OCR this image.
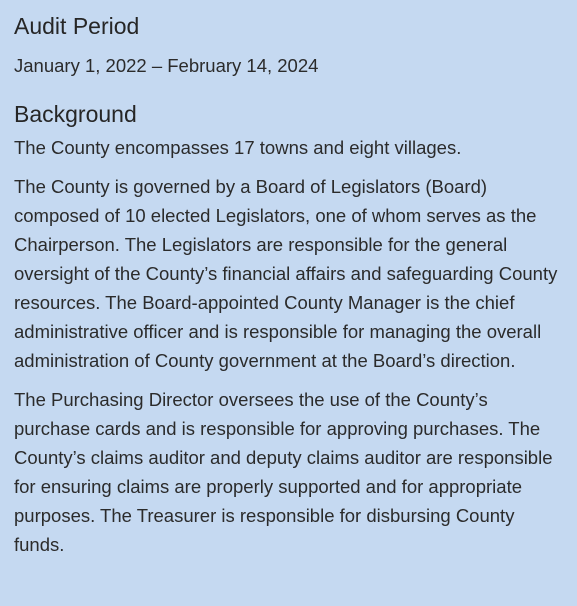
Audit Period

January 1, 2022 – February 14, 2024

Background

The County encompasses 17 towns and eight villages.

The County is governed by a Board of Legislators (Board) composed of 10 elected Legislators, one of whom serves as the Chairperson. The Legislators are responsible for the general oversight of the County’s financial affairs and safeguarding County resources. The Board-appointed County Manager is the chief administrative officer and is responsible for managing the overall administration of County government at the Board’s direction.

The Purchasing Director oversees the use of the County’s purchase cards and is responsible for approving purchases. The County’s claims auditor and deputy claims auditor are responsible for ensuring claims are properly supported and for appropriate purposes. The Treasurer is responsible for disbursing County funds.
